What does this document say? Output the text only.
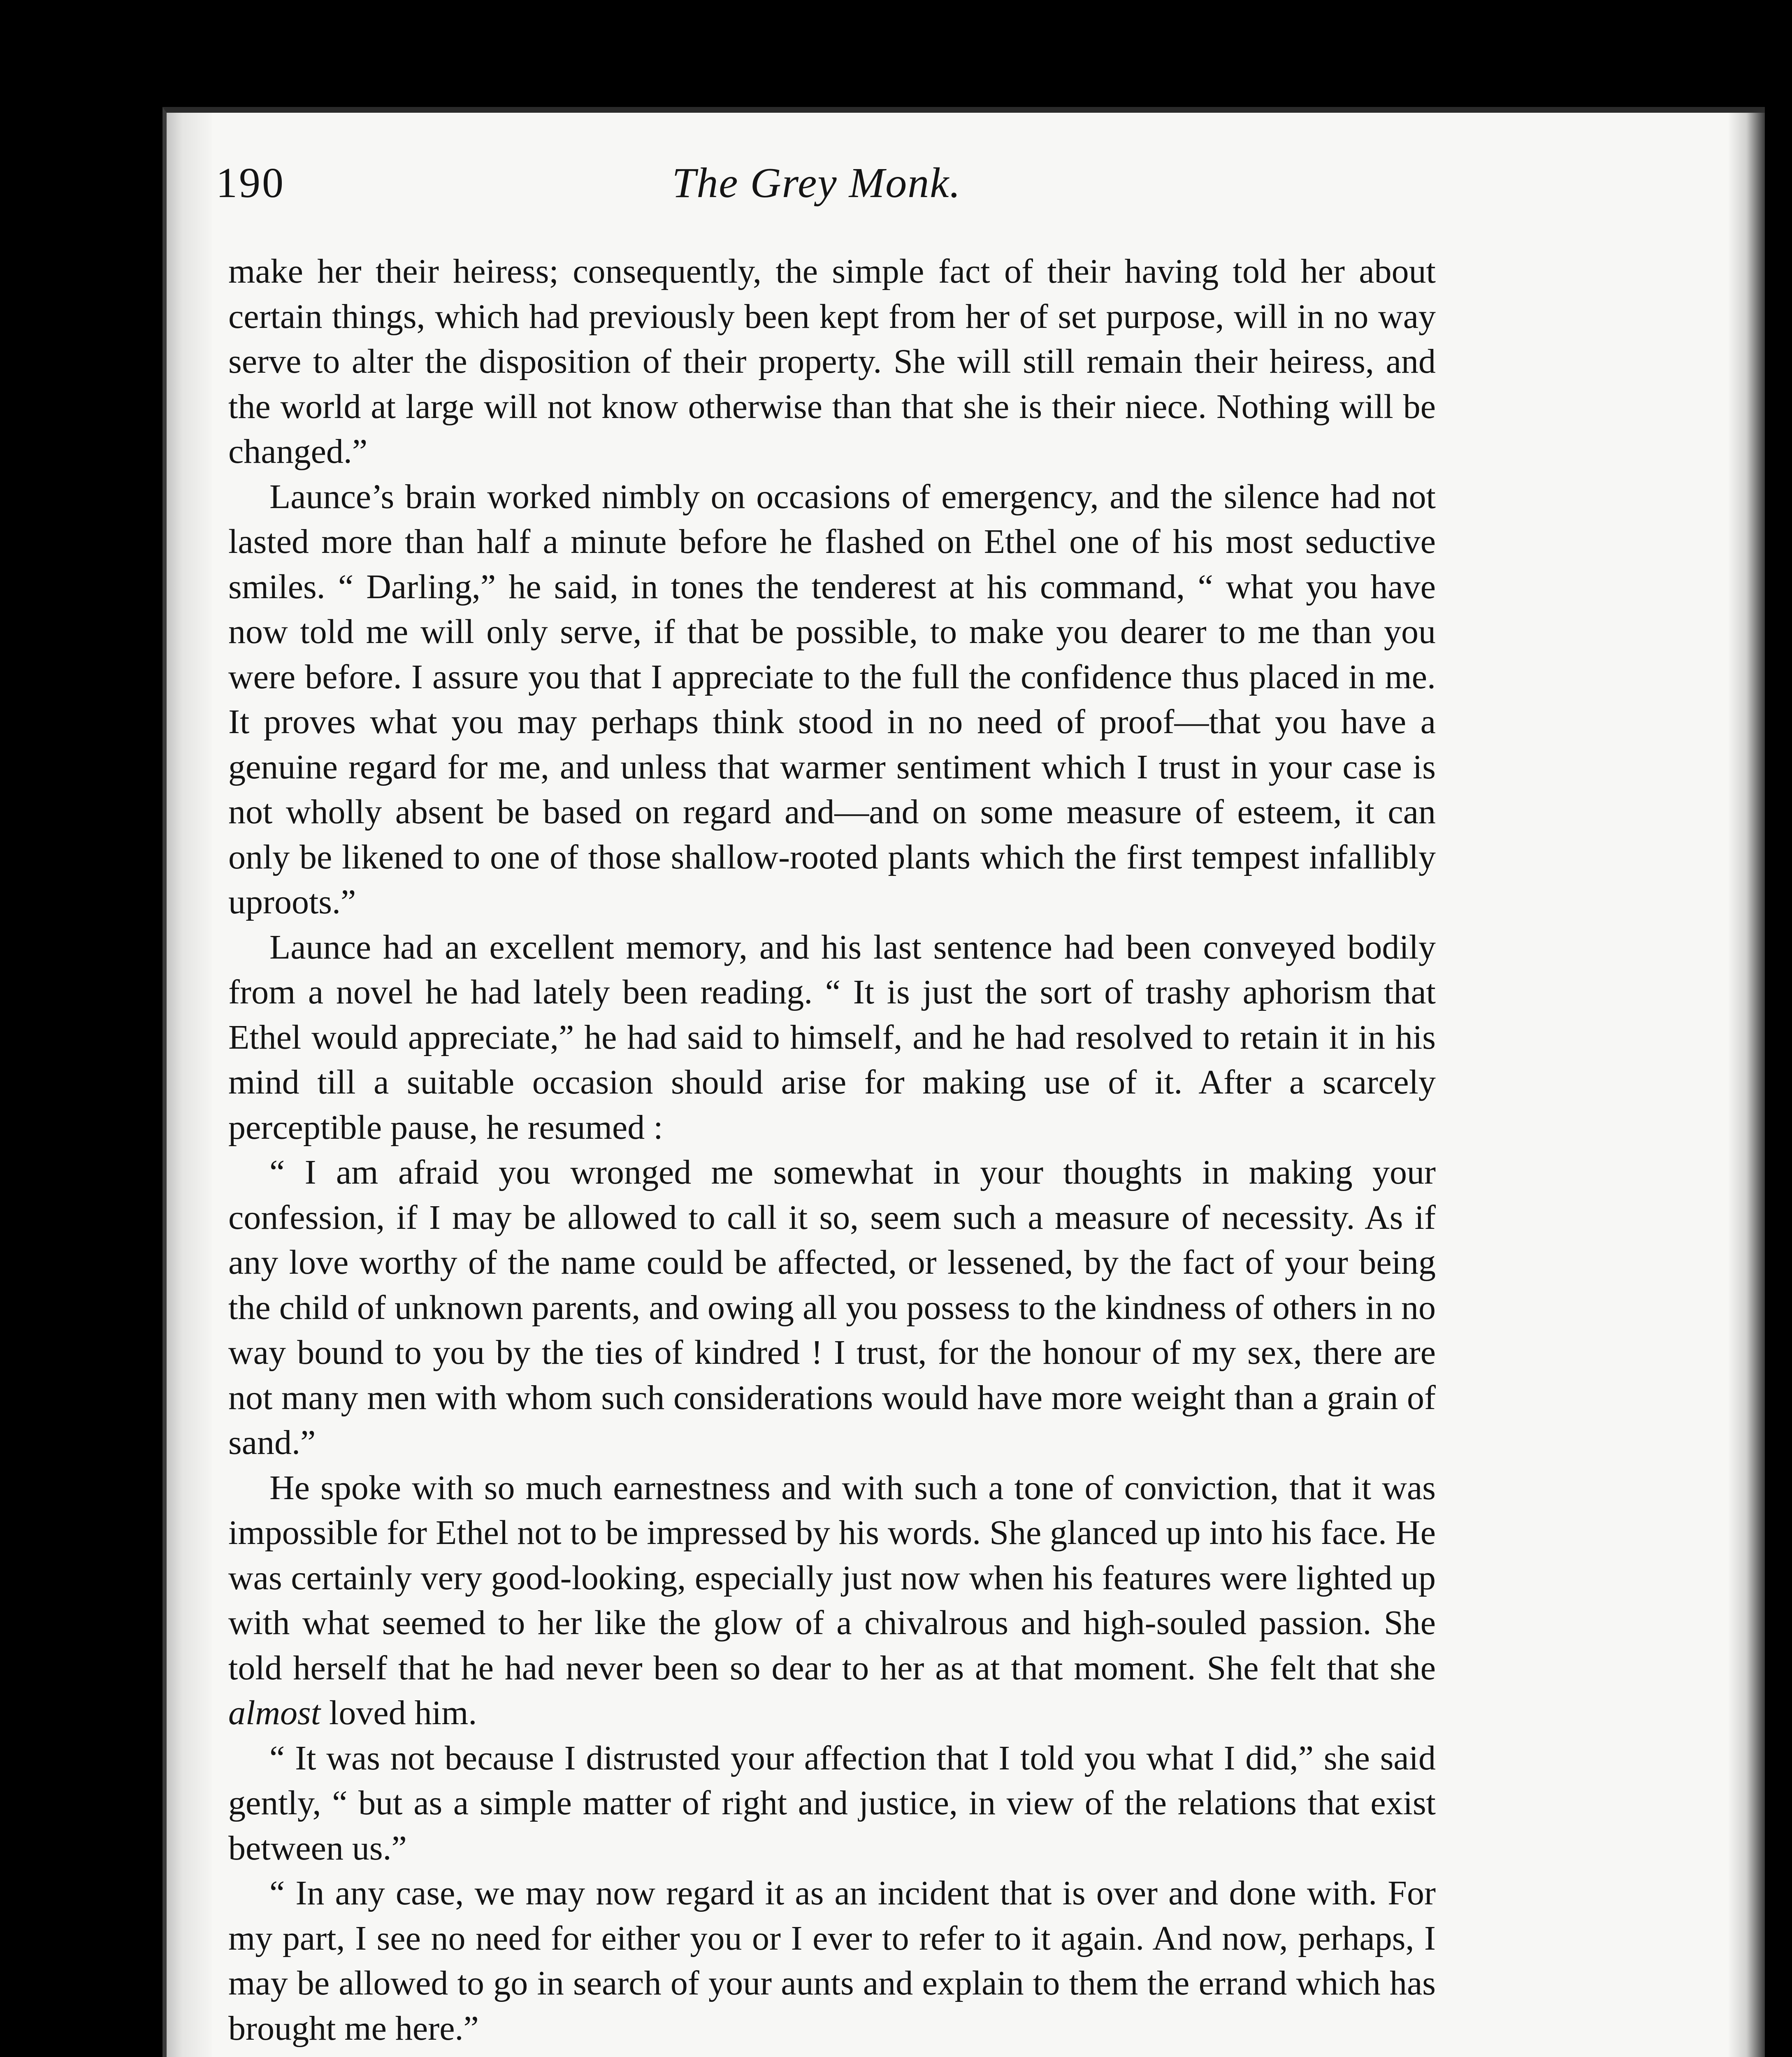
190	The Grey Monk.

make her their heiress; consequently, the simple fact of their having told her about certain things, which had previously been kept from her of set purpose, will in no way serve to alter the disposition of their property. She will still remain their heiress, and the world at large will not know otherwise than that she is their niece. Nothing will be changed.”

Launce’s brain worked nimbly on occasions of emergency, and the silence had not lasted more than half a minute before he flashed on Ethel one of his most seductive smiles. “ Darling,” he said, in tones the tenderest at his command, “ what you have now told me will only serve, if that be possible, to make you dearer to me than you were before. I assure you that I appreciate to the full the confidence thus placed in me. It proves what you may perhaps think stood in no need of proof—that you have a genuine regard for me, and unless that warmer sentiment which I trust in your case is not wholly absent be based on regard and—and on some measure of esteem, it can only be likened to one of those shallow-rooted plants which the first tempest infallibly uproots.”

Launce had an excellent memory, and his last sentence had been conveyed bodily from a novel he had lately been reading. “ It is just the sort of trashy aphorism that Ethel would appreciate,” he had said to himself, and he had resolved to retain it in his mind till a suitable occasion should arise for making use of it. After a scarcely perceptible pause, he resumed :

“ I am afraid you wronged me somewhat in your thoughts in making your confession, if I may be allowed to call it so, seem such a measure of necessity. As if any love worthy of the name could be affected, or lessened, by the fact of your being the child of unknown parents, and owing all you possess to the kindness of others in no way bound to you by the ties of kindred ! I trust, for the honour of my sex, there are not many men with whom such considerations would have more weight than a grain of sand.”

He spoke with so much earnestness and with such a tone of conviction, that it was impossible for Ethel not to be impressed by his words. She glanced up into his face. He was certainly very good-looking, especially just now when his features were lighted up with what seemed to her like the glow of a chivalrous and high-souled passion. She told herself that he had never been so dear to her as at that moment. She felt that she almost loved him.

“ It was not because I distrusted your affection that I told you what I did,” she said gently, “ but as a simple matter of right and justice, in view of the relations that exist between us.”

“ In any case, we may now regard it as an incident that is over and done with. For my part, I see no need for either you or I ever to refer to it again. And now, perhaps, I may be allowed to go in search of your aunts and explain to them the errand which has brought me here.”
